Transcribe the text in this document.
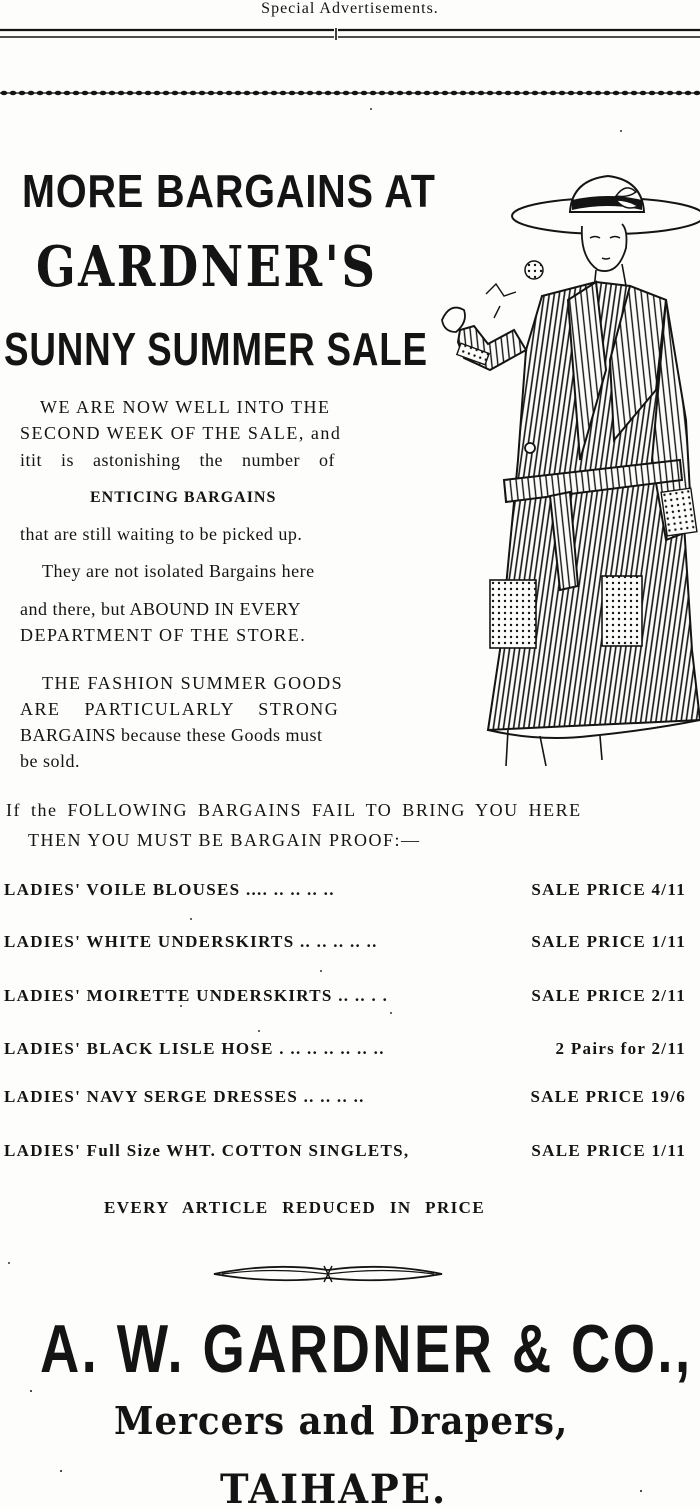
Special Advertisements.
MORE BARGAINS AT
GARDNER'S
SUNNY SUMMER SALE
WE ARE NOW WELL INTO THE
SECOND WEEK OF THE SALE, and
itit is astonishing the number of
ENTICING BARGAINS
that are still waiting to be picked up.
They are not isolated Bargains here
and there, but ABOUND IN EVERY
DEPARTMENT OF THE STORE.
THE FASHION SUMMER GOODS
ARE PARTICULARLY STRONG
BARGAINS because these Goods must
be sold.
If the FOLLOWING BARGAINS FAIL TO BRING YOU HERE
THEN YOU MUST BE BARGAIN PROOF:—
LADIES' VOILE BLOUSES .... .. .. .. ..	SALE PRICE 4/11
LADIES' WHITE UNDERSKIRTS .. .. .. .. ..	SALE PRICE 1/11
LADIES' MOIRETTE UNDERSKIRTS .. .. . .	SALE PRICE 2/11
LADIES' BLACK LISLE HOSE . .. .. .. .. .. ..	2 Pairs for 2/11
LADIES' NAVY SERGE DRESSES .. .. .. ..	SALE PRICE 19/6
LADIES' Full Size WHT. COTTON SINGLETS,	SALE PRICE 1/11
EVERY ARTICLE REDUCED IN PRICE
A. W. GARDNER & CO.,
Mercers and Drapers,
TAIHAPE.
